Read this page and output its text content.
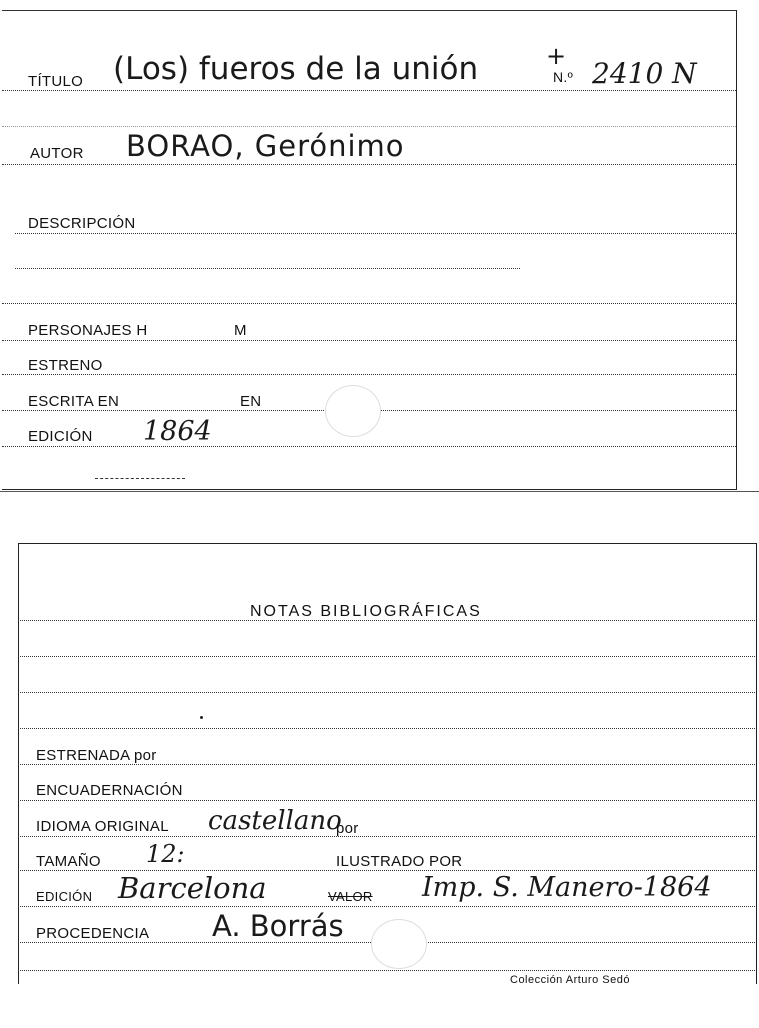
TÍTULO (Los) fueros de la unión	+
N.º 2410 N
AUTOR BORAO, Gerónimo
DESCRIPCIÓN
PERSONAJES H	M
ESTRENO
ESCRITA EN	EN
EDICIÓN 1864
NOTAS BIBLIOGRÁFICAS
ESTRENADA por
ENCUADERNACIÓN
IDIOMA ORIGINAL castellano
por
TAMAÑO 12:	ILUSTRADO POR
EDICIÓN Barcelona	VALOR Imp. S. Manero-1864
PROCEDENCIA A. Borrás
Colección Arturo Sedó
